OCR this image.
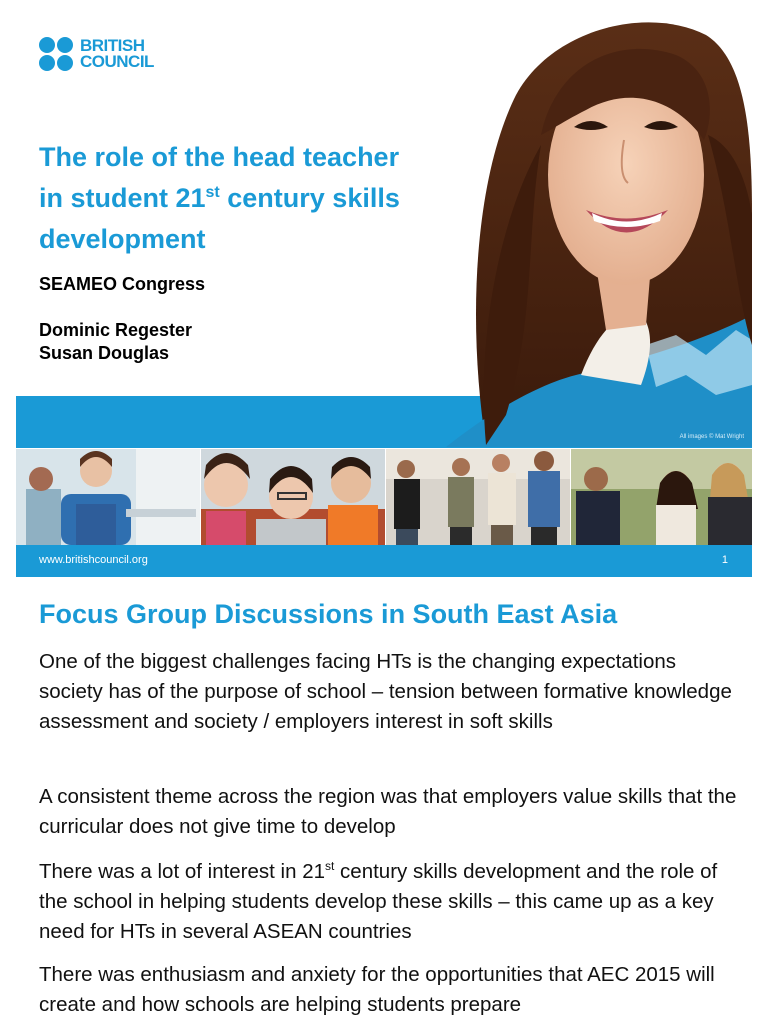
BRITISH
COUNCIL
The role of the head teacher
in student 21st century skills
development
SEAMEO Congress
Dominic Regester
Susan Douglas
All images © Mat Wright
www.britishcouncil.org	1
Focus Group Discussions in South East Asia

One of the biggest challenges facing HTs is the changing expectations society has of the purpose of school – tension between formative knowledge assessment and society / employers interest in soft skills

A consistent theme across the region was that employers value skills that the curricular does not give time to develop

There was a lot of interest in 21st century skills development and the role of the school in helping students develop these skills – this came up as a key need for HTs in several ASEAN countries

There was enthusiasm and anxiety for the opportunities that AEC 2015 will create and how schools are helping students prepare
